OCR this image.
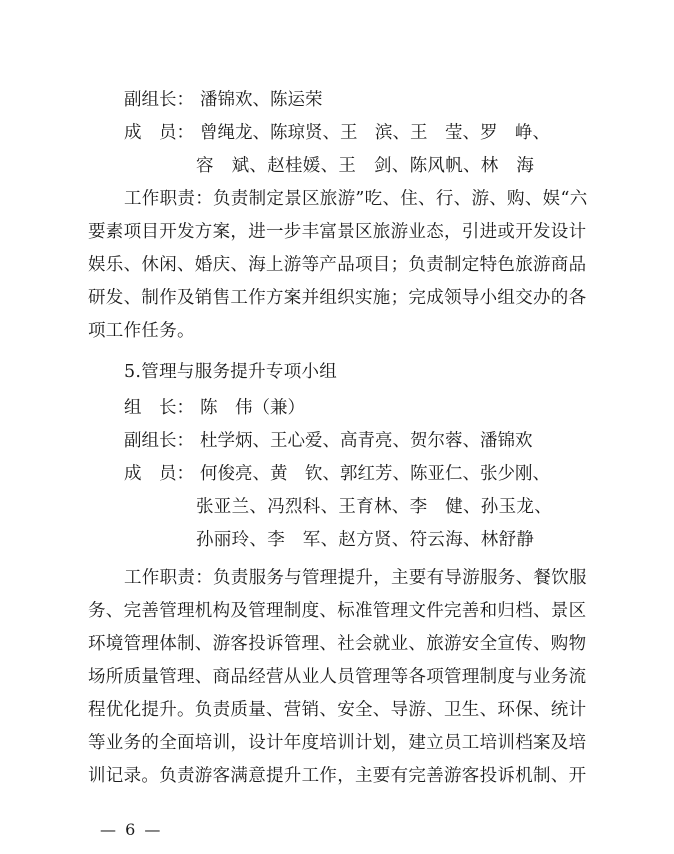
副组长： 潘锦欢、陈运荣
成　员： 曾绳龙、陈琼贤、王　滨、王　莹、罗　峥、
容　斌、赵桂媛、王　剑、陈风帆、林　海
工作职责：负责制定景区旅游”吃、住、行、游、购、娱“六
要素项目开发方案，进一步丰富景区旅游业态，引进或开发设计
娱乐、休闲、婚庆、海上游等产品项目；负责制定特色旅游商品
研发、制作及销售工作方案并组织实施；完成领导小组交办的各
项工作任务。
5.管理与服务提升专项小组
组　长： 陈　伟（兼）
副组长： 杜学炳、王心爱、高青亮、贺尔蓉、潘锦欢
成　员： 何俊亮、黄　钦、郭红芳、陈亚仁、张少刚、
张亚兰、冯烈科、王育林、李　健、孙玉龙、
孙丽玲、李　军、赵方贤、符云海、林舒静
工作职责：负责服务与管理提升，主要有导游服务、餐饮服
务、完善管理机构及管理制度、标准管理文件完善和归档、景区
环境管理体制、游客投诉管理、社会就业、旅游安全宣传、购物
场所质量管理、商品经营从业人员管理等各项管理制度与业务流
程优化提升。负责质量、营销、安全、导游、卫生、环保、统计
等业务的全面培训，设计年度培训计划，建立员工培训档案及培
训记录。负责游客满意提升工作，主要有完善游客投诉机制、开
— 6 —
